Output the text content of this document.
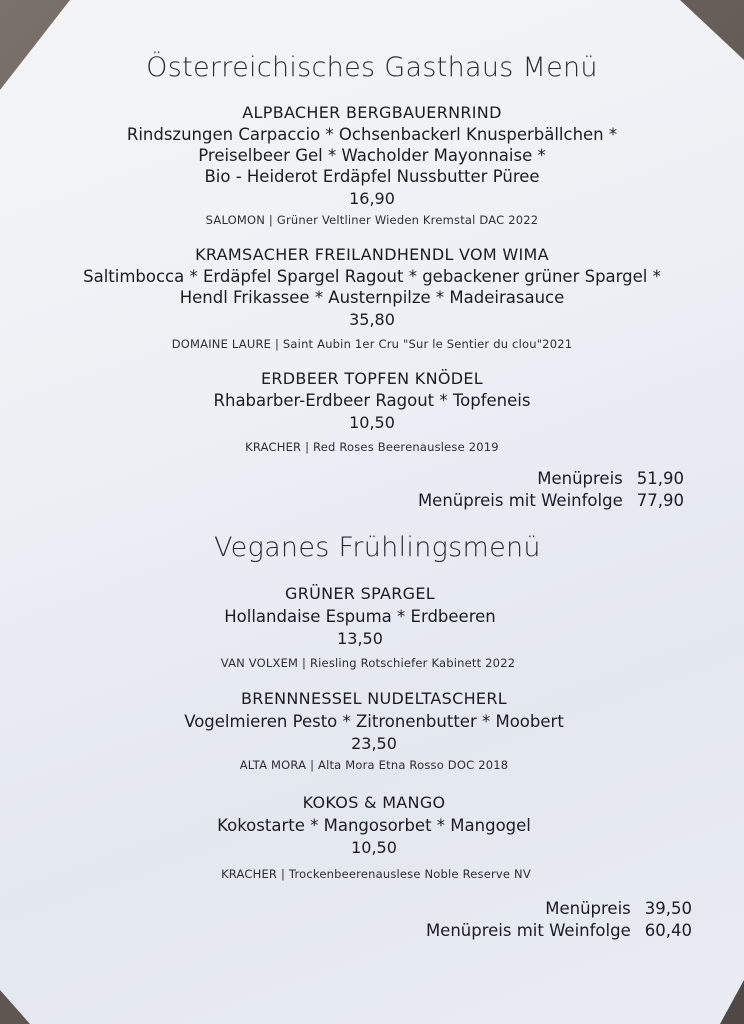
Österreichisches Gasthaus Menü
ALPBACHER BERGBAUERNRIND
Rindszungen Carpaccio * Ochsenbackerl Knusperbällchen *
Preiselbeer Gel * Wacholder Mayonnaise *
Bio - Heiderot Erdäpfel Nussbutter Püree
16,90
SALOMON | Grüner Veltliner Wieden Kremstal DAC 2022
KRAMSACHER FREILANDHENDL VOM WIMA
Saltimbocca * Erdäpfel Spargel Ragout * gebackener grüner Spargel *
Hendl Frikassee * Austernpilze * Madeirasauce
35,80
DOMAINE LAURE | Saint Aubin 1er Cru "Sur le Sentier du clou"2021
ERDBEER TOPFEN KNÖDEL
Rhabarber-Erdbeer Ragout * Topfeneis
10,50
KRACHER | Red Roses Beerenauslese 2019
Menüpreis 51,90
Menüpreis mit Weinfolge 77,90
Veganes Frühlingsmenü
GRÜNER SPARGEL
Hollandaise Espuma * Erdbeeren
13,50
VAN VOLXEM | Riesling Rotschiefer Kabinett 2022
BRENNNESSEL NUDELTASCHERL
Vogelmieren Pesto * Zitronenbutter * Moobert
23,50
ALTA MORA | Alta Mora Etna Rosso DOC 2018
KOKOS & MANGO
Kokostarte * Mangosorbet * Mangogel
10,50
KRACHER | Trockenbeerenauslese Noble Reserve NV
Menüpreis 39,50
Menüpreis mit Weinfolge 60,40
